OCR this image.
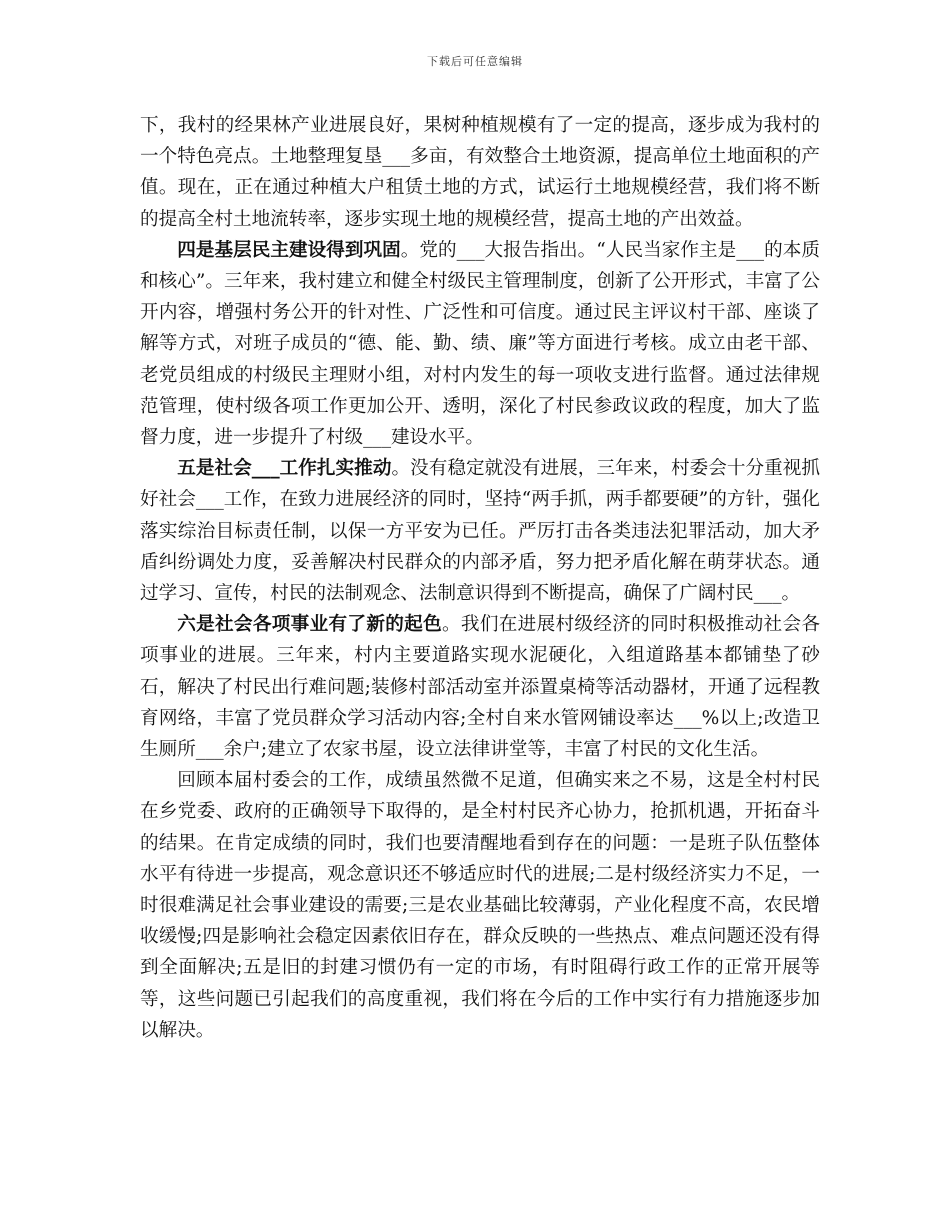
下载后可任意编辑

下，我村的经果林产业进展良好，果树种植规模有了一定的提高，逐步成为我村的一个特色亮点。土地整理复垦___多亩，有效整合土地资源，提高单位土地面积的产值。现在，正在通过种植大户租赁土地的方式，试运行土地规模经营，我们将不断的提高全村土地流转率，逐步实现土地的规模经营，提高土地的产出效益。

四是基层民主建设得到巩固。党的___大报告指出。“人民当家作主是___的本质和核心”。三年来，我村建立和健全村级民主管理制度，创新了公开形式，丰富了公开内容，增强村务公开的针对性、广泛性和可信度。通过民主评议村干部、座谈了解等方式，对班子成员的“德、能、勤、绩、廉”等方面进行考核。成立由老干部、老党员组成的村级民主理财小组，对村内发生的每一项收支进行监督。通过法律规范管理，使村级各项工作更加公开、透明，深化了村民参政议政的程度，加大了监督力度，进一步提升了村级___建设水平。

五是社会___工作扎实推动。没有稳定就没有进展，三年来，村委会十分重视抓好社会___工作，在致力进展经济的同时，坚持“两手抓，两手都要硬”的方针，强化落实综治目标责任制，以保一方平安为已任。严厉打击各类违法犯罪活动，加大矛盾纠纷调处力度，妥善解决村民群众的内部矛盾，努力把矛盾化解在萌芽状态。通过学习、宣传，村民的法制观念、法制意识得到不断提高，确保了广阔村民___。

六是社会各项事业有了新的起色。我们在进展村级经济的同时积极推动社会各项事业的进展。三年来，村内主要道路实现水泥硬化，入组道路基本都铺垫了砂石，解决了村民出行难问题;装修村部活动室并添置桌椅等活动器材，开通了远程教育网络，丰富了党员群众学习活动内容;全村自来水管网铺设率达___%以上;改造卫生厕所___余户;建立了农家书屋，设立法律讲堂等，丰富了村民的文化生活。

回顾本届村委会的工作，成绩虽然微不足道，但确实来之不易，这是全村村民在乡党委、政府的正确领导下取得的，是全村村民齐心协力，抢抓机遇，开拓奋斗的结果。在肯定成绩的同时，我们也要清醒地看到存在的问题：一是班子队伍整体水平有待进一步提高，观念意识还不够适应时代的进展;二是村级经济实力不足，一时很难满足社会事业建设的需要;三是农业基础比较薄弱，产业化程度不高，农民增收缓慢;四是影响社会稳定因素依旧存在，群众反映的一些热点、难点问题还没有得到全面解决;五是旧的封建习惯仍有一定的市场，有时阻碍行政工作的正常开展等等，这些问题已引起我们的高度重视，我们将在今后的工作中实行有力措施逐步加以解决。
